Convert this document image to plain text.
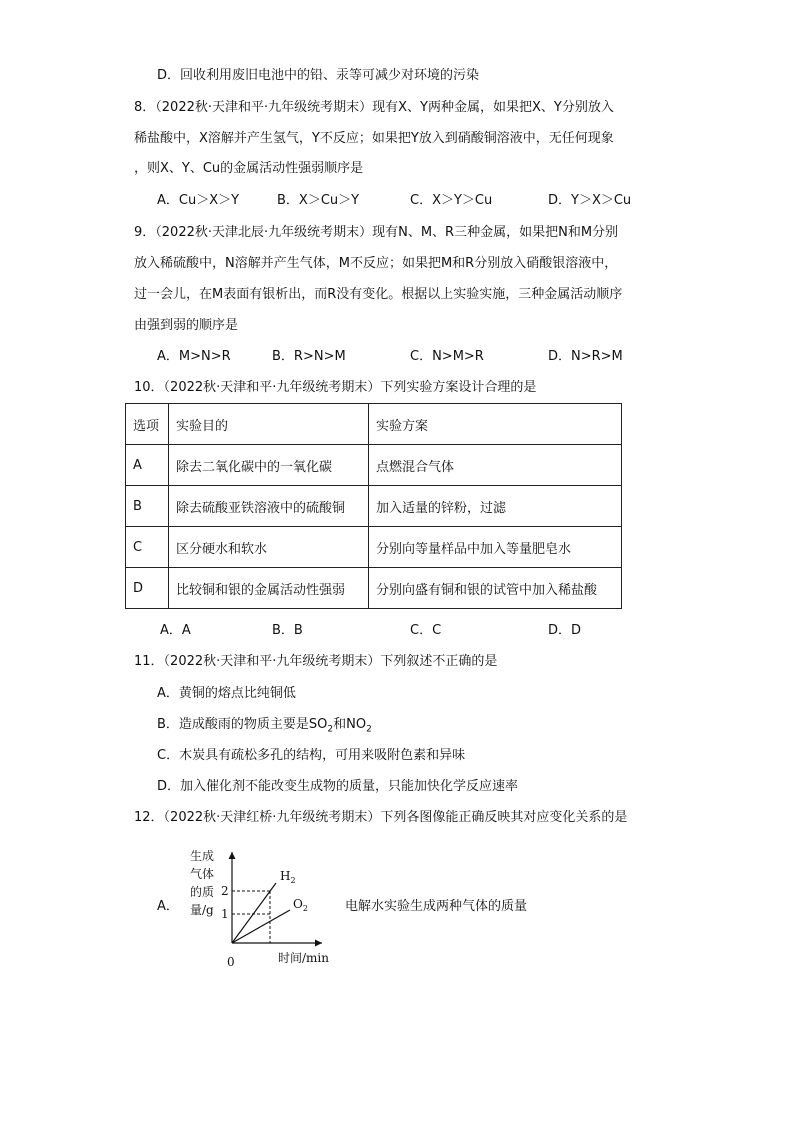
D．回收利用废旧电池中的铅、汞等可减少对环境的污染
8．（2022秋·天津和平·九年级统考期末）现有X、Y两种金属，如果把X、Y分别放入
稀盐酸中，X溶解并产生氢气，Y不反应；如果把Y放入到硝酸铜溶液中，无任何现象
，则X、Y、Cu的金属活动性强弱顺序是
A．Cu＞X＞Y	B．X＞Cu＞Y	C．X＞Y＞Cu	D．Y＞X＞Cu
9．（2022秋·天津北辰·九年级统考期末）现有N、M、R三种金属，如果把N和M分别
放入稀硫酸中，N溶解并产生气体，M不反应；如果把M和R分别放入硝酸银溶液中，
过一会儿，在M表面有银析出，而R没有变化。根据以上实验实施，三种金属活动顺序
由强到弱的顺序是
A．M>N>R	B．R>N>M	C．N>M>R	D．N>R>M
10．（2022秋·天津和平·九年级统考期末）下列实验方案设计合理的是
选项	实验目的	实验方案
A	除去二氧化碳中的一氧化碳	点燃混合气体
B	除去硫酸亚铁溶液中的硫酸铜	加入适量的锌粉，过滤
C	区分硬水和软水	分别向等量样品中加入等量肥皂水
D	比较铜和银的金属活动性强弱	分别向盛有铜和银的试管中加入稀盐酸
A．A	B．B	C．C	D．D
11．（2022秋·天津和平·九年级统考期末）下列叙述不正确的是
A．黄铜的熔点比纯铜低
B．造成酸雨的物质主要是$SO_2$和$NO_2$
C．木炭具有疏松多孔的结构，可用来吸附色素和异味
D．加入催化剂不能改变生成物的质量，只能加快化学反应速率
12．（2022秋·天津红桥·九年级统考期末）下列各图像能正确反映其对应变化关系的是
A．	电解水实验生成两种气体的质量
生成
气体
的质
量/g
0	时间/min
2
1
$H_2$
$O_2$
